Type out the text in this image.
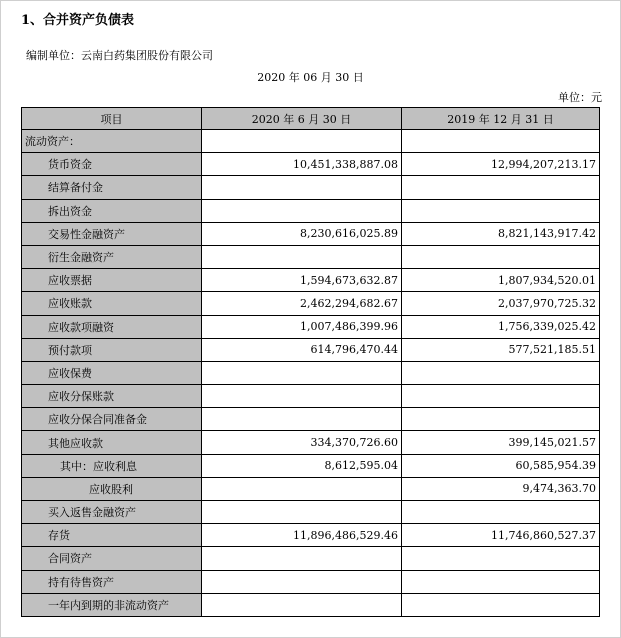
1、合并资产负债表
编制单位：云南白药集团股份有限公司
2020 年 06 月 30 日
单位：元
项目	2020 年 6 月 30 日	2019 年 12 月 31 日
流动资产：		
货币资金	10,451,338,887.08	12,994,207,213.17
结算备付金		
拆出资金		
交易性金融资产	8,230,616,025.89	8,821,143,917.42
衍生金融资产		
应收票据	1,594,673,632.87	1,807,934,520.01
应收账款	2,462,294,682.67	2,037,970,725.32
应收款项融资	1,007,486,399.96	1,756,339,025.42
预付款项	614,796,470.44	577,521,185.51
应收保费		
应收分保账款		
应收分保合同准备金		
其他应收款	334,370,726.60	399,145,021.57
其中：应收利息	8,612,595.04	60,585,954.39
应收股利		9,474,363.70
买入返售金融资产		
存货	11,896,486,529.46	11,746,860,527.37
合同资产		
持有待售资产		
一年内到期的非流动资产		
